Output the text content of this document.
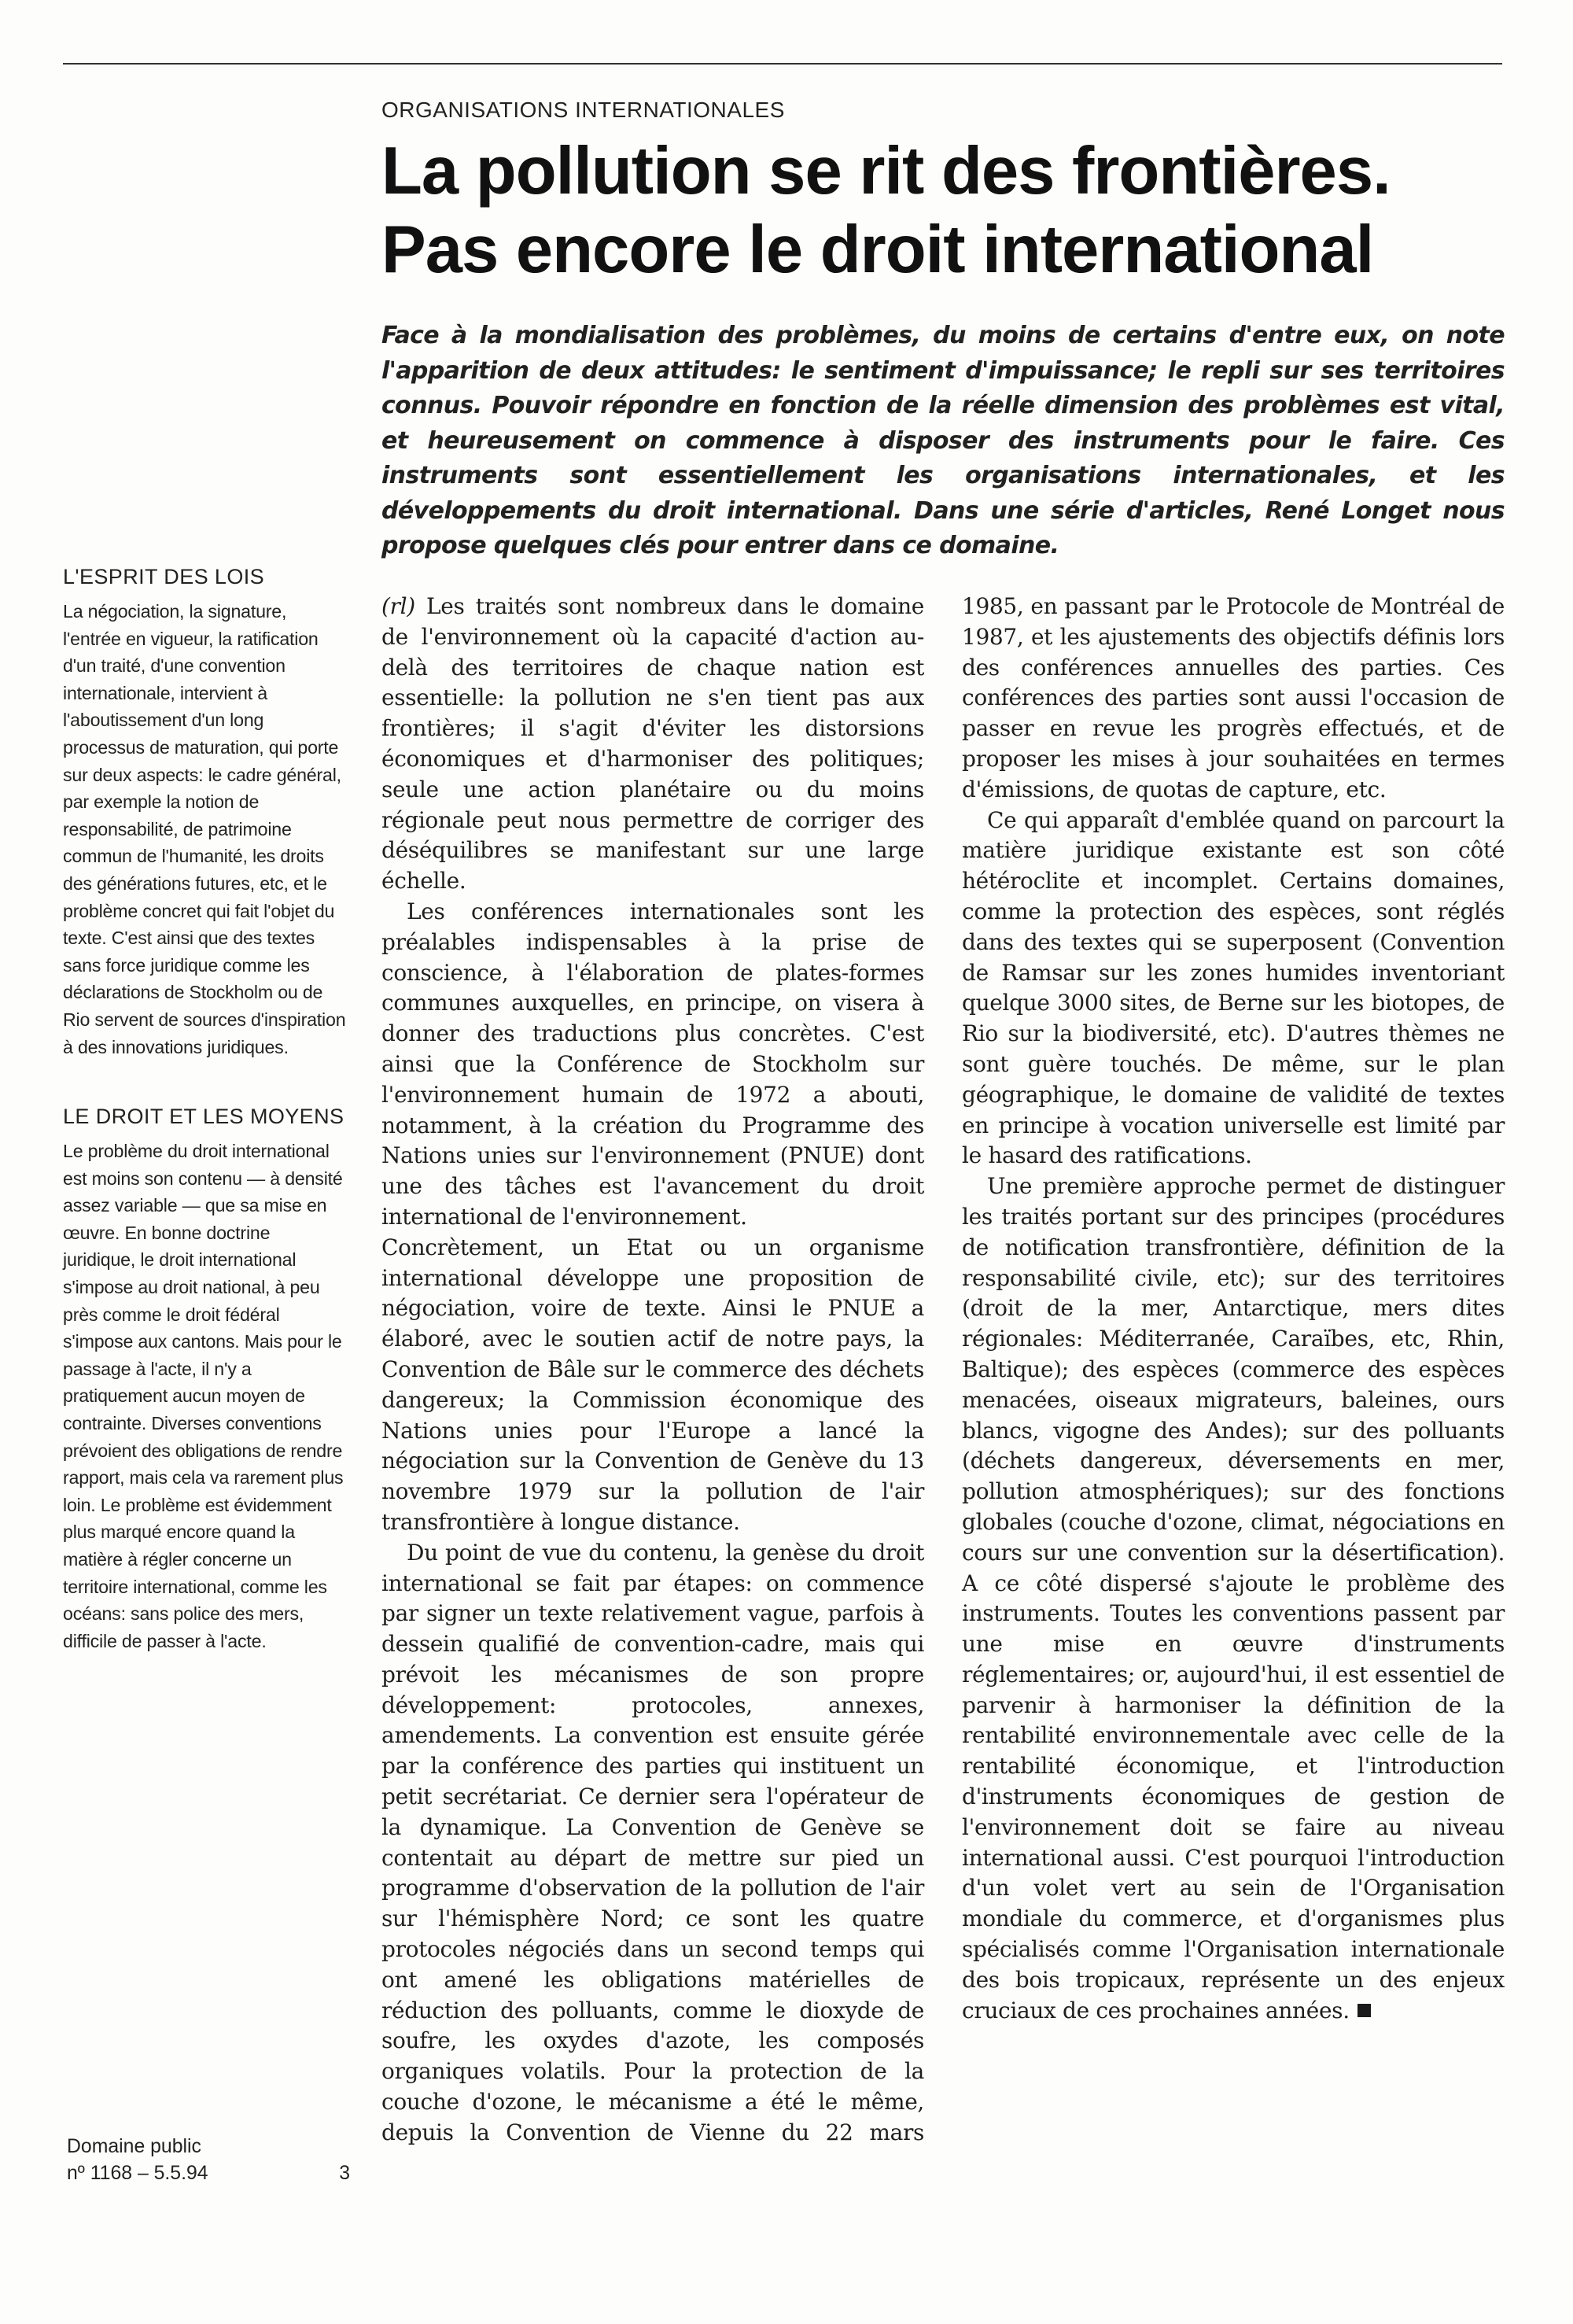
ORGANISATIONS INTERNATIONALES
La pollution se rit des frontières.
Pas encore le droit international

Face à la mondialisation des problèmes, du moins de certains d'entre eux, on note l'apparition de deux attitudes: le sentiment d'impuissance; le repli sur ses territoires connus. Pouvoir répondre en fonction de la réelle dimension des problèmes est vital, et heureusement on commence à disposer des instruments pour le faire. Ces instruments sont essentiellement les organisations internationales, et les développements du droit international. Dans une série d'articles, René Longet nous propose quelques clés pour entrer dans ce domaine.

L'ESPRIT DES LOIS

La négociation, la signature, l'entrée en vigueur, la ratification d'un traité, d'une convention internationale, intervient à l'aboutissement d'un long processus de maturation, qui porte sur deux aspects: le cadre général, par exemple la notion de responsabilité, de patrimoine commun de l'humanité, les droits des générations futures, etc, et le problème concret qui fait l'objet du texte. C'est ainsi que des textes sans force juridique comme les déclarations de Stockholm ou de Rio servent de sources d'inspiration à des innovations juridiques.

LE DROIT ET LES MOYENS

Le problème du droit international est moins son contenu — à densité assez variable — que sa mise en œuvre. En bonne doctrine juridique, le droit international s'impose au droit national, à peu près comme le droit fédéral s'impose aux cantons. Mais pour le passage à l'acte, il n'y a pratiquement aucun moyen de contrainte. Diverses conventions prévoient des obligations de rendre rapport, mais cela va rarement plus loin. Le problème est évidemment plus marqué encore quand la matière à régler concerne un territoire international, comme les océans: sans police des mers, difficile de passer à l'acte.

Domaine public
nº 1168 – 5.5.94	3

(rl) Les traités sont nombreux dans le domaine de l'environnement où la capacité d'action au-delà des territoires de chaque nation est essentielle: la pollution ne s'en tient pas aux frontières; il s'agit d'éviter les distorsions économiques et d'harmoniser des politiques; seule une action planétaire ou du moins régionale peut nous permettre de corriger des déséquilibres se manifestant sur une large échelle.

Les conférences internationales sont les préalables indispensables à la prise de conscience, à l'élaboration de plates-formes communes auxquelles, en principe, on visera à donner des traductions plus concrètes. C'est ainsi que la Conférence de Stockholm sur l'environnement humain de 1972 a abouti, notamment, à la création du Programme des Nations unies sur l'environnement (PNUE) dont une des tâches est l'avancement du droit international de l'environnement.

Concrètement, un Etat ou un organisme international développe une proposition de négociation, voire de texte. Ainsi le PNUE a élaboré, avec le soutien actif de notre pays, la Convention de Bâle sur le commerce des déchets dangereux; la Commission économique des Nations unies pour l'Europe a lancé la négociation sur la Convention de Genève du 13 novembre 1979 sur la pollution de l'air transfrontière à longue distance.

Du point de vue du contenu, la genèse du droit international se fait par étapes: on commence par signer un texte relativement vague, parfois à dessein qualifié de convention-cadre, mais qui prévoit les mécanismes de son propre développement: protocoles, annexes, amendements. La convention est ensuite gérée par la conférence des parties qui instituent un petit secrétariat. Ce dernier sera l'opérateur de la dynamique. La Convention de Genève se contentait au départ de mettre sur pied un programme d'observation de la pollution de l'air sur l'hémisphère Nord; ce sont les quatre protocoles négociés dans un second temps qui ont amené les obligations matérielles de réduction des polluants, comme le dioxyde de soufre, les oxydes d'azote, les composés organiques volatils. Pour la protection de la couche d'ozone, le mécanisme a été le même, depuis la Convention de Vienne du 22 mars 1985, en passant par le Protocole de Montréal de 1987, et les ajustements des objectifs définis lors des conférences annuelles des parties. Ces conférences des parties sont aussi l'occasion de passer en revue les progrès effectués, et de proposer les mises à jour souhaitées en termes d'émissions, de quotas de capture, etc.

Ce qui apparaît d'emblée quand on parcourt la matière juridique existante est son côté hétéroclite et incomplet. Certains domaines, comme la protection des espèces, sont réglés dans des textes qui se superposent (Convention de Ramsar sur les zones humides inventoriant quelque 3000 sites, de Berne sur les biotopes, de Rio sur la biodiversité, etc). D'autres thèmes ne sont guère touchés. De même, sur le plan géographique, le domaine de validité de textes en principe à vocation universelle est limité par le hasard des ratifications.

Une première approche permet de distinguer les traités portant sur des principes (procédures de notification transfrontière, définition de la responsabilité civile, etc); sur des territoires (droit de la mer, Antarctique, mers dites régionales: Méditerranée, Caraïbes, etc, Rhin, Baltique); des espèces (commerce des espèces menacées, oiseaux migrateurs, baleines, ours blancs, vigogne des Andes); sur des polluants (déchets dangereux, déversements en mer, pollution atmosphériques); sur des fonctions globales (couche d'ozone, climat, négociations en cours sur une convention sur la désertification). A ce côté dispersé s'ajoute le problème des instruments. Toutes les conventions passent par une mise en œuvre d'instruments réglementaires; or, aujourd'hui, il est essentiel de parvenir à harmoniser la définition de la rentabilité environnementale avec celle de la rentabilité économique, et l'introduction d'instruments économiques de gestion de l'environnement doit se faire au niveau international aussi. C'est pourquoi l'introduction d'un volet vert au sein de l'Organisation mondiale du commerce, et d'organismes plus spécialisés comme l'Organisation internationale des bois tropicaux, représente un des enjeux cruciaux de ces prochaines années.
